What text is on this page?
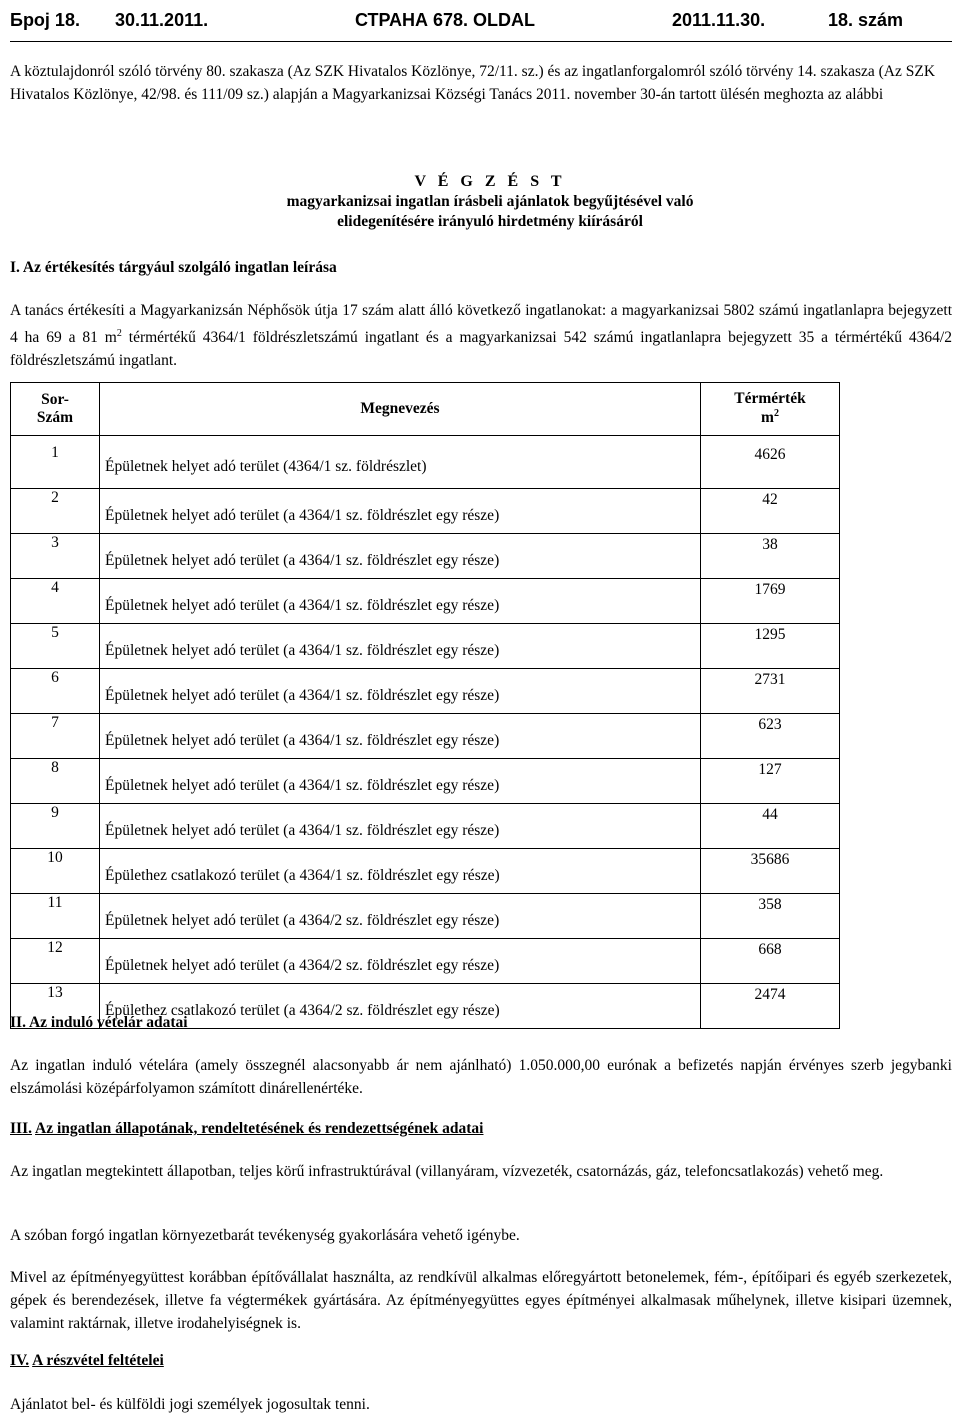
Број 18. 30.11.2011.	СТРАНА 678. OLDAL	2011.11.30.	18. szám

A köztulajdonról szóló törvény 80. szakasza (Az SZK Hivatalos Közlönye, 72/11. sz.) és az ingatlanforgalomról szóló törvény 14. szakasza (Az SZK Hivatalos Közlönye, 42/98. és 111/09 sz.) alapján a Magyarkanizsai Községi Tanács 2011. november 30-án tartott ülésén meghozta az alábbi

V É G Z É S T
magyarkanizsai ingatlan írásbeli ajánlatok begyűjtésével való
elidegenítésére irányuló hirdetmény kiírásáról

I. Az értékesítés tárgyául szolgáló ingatlan leírása

A tanács értékesíti a Magyarkanizsán Néphősök útja 17 szám alatt álló következő ingatlanokat: a magyarkanizsai 5802 számú ingatlanlapra bejegyzett 4 ha 69 a 81 $m^2$ térmértékű 4364/1 földrészletszámú ingatlant és a magyarkanizsai 542 számú ingatlanlapra bejegyzett 35 a térmértékű 4364/2 földrészletszámú ingatlant.

Sor-
Szám	Megnevezés	Térmérték
$m^2$
1	Épületnek helyet adó terület (4364/1 sz. földrészlet)	4626
2	Épületnek helyet adó terület (a 4364/1 sz. földrészlet egy része)	42
3	Épületnek helyet adó terület (a 4364/1 sz. földrészlet egy része)	38
4	Épületnek helyet adó terület (a 4364/1 sz. földrészlet egy része)	1769
5	Épületnek helyet adó terület (a 4364/1 sz. földrészlet egy része)	1295
6	Épületnek helyet adó terület (a 4364/1 sz. földrészlet egy része)	2731
7	Épületnek helyet adó terület (a 4364/1 sz. földrészlet egy része)	623
8	Épületnek helyet adó terület (a 4364/1 sz. földrészlet egy része)	127
9	Épületnek helyet adó terület (a 4364/1 sz. földrészlet egy része)	44
10	Épülethez csatlakozó terület (a 4364/1 sz. földrészlet egy része)	35686
11	Épületnek helyet adó terület (a 4364/2 sz. földrészlet egy része)	358
12	Épületnek helyet adó terület (a 4364/2 sz. földrészlet egy része)	668
13	Épülethez csatlakozó terület (a 4364/2 sz. földrészlet egy része)	2474

II. Az induló vételár adatai

Az ingatlan induló vételára (amely összegnél alacsonyabb ár nem ajánlható) 1.050.000,00 eurónak a befizetés napján érvényes szerb jegybanki elszámolási középárfolyamon számított dinárellenértéke.

III. Az ingatlan állapotának, rendeltetésének és rendezettségének adatai

Az ingatlan megtekintett állapotban, teljes körű infrastruktúrával (villanyáram, vízvezeték, csatornázás, gáz, telefoncsatlakozás) vehető meg.

A szóban forgó ingatlan környezetbarát tevékenység gyakorlására vehető igénybe.

Mivel az építményegyüttest korábban építővállalat használta, az rendkívül alkalmas előregyártott betonelemek, fém-, építőipari és egyéb szerkezetek, gépek és berendezések, illetve fa végtermékek gyártására. Az építményegyüttes egyes építményei alkalmasak műhelynek, illetve kisipari üzemnek, valamint raktárnak, illetve irodahelyiségnek is.

IV. A részvétel feltételei

Ajánlatot bel- és külföldi jogi személyek jogosultak tenni.
